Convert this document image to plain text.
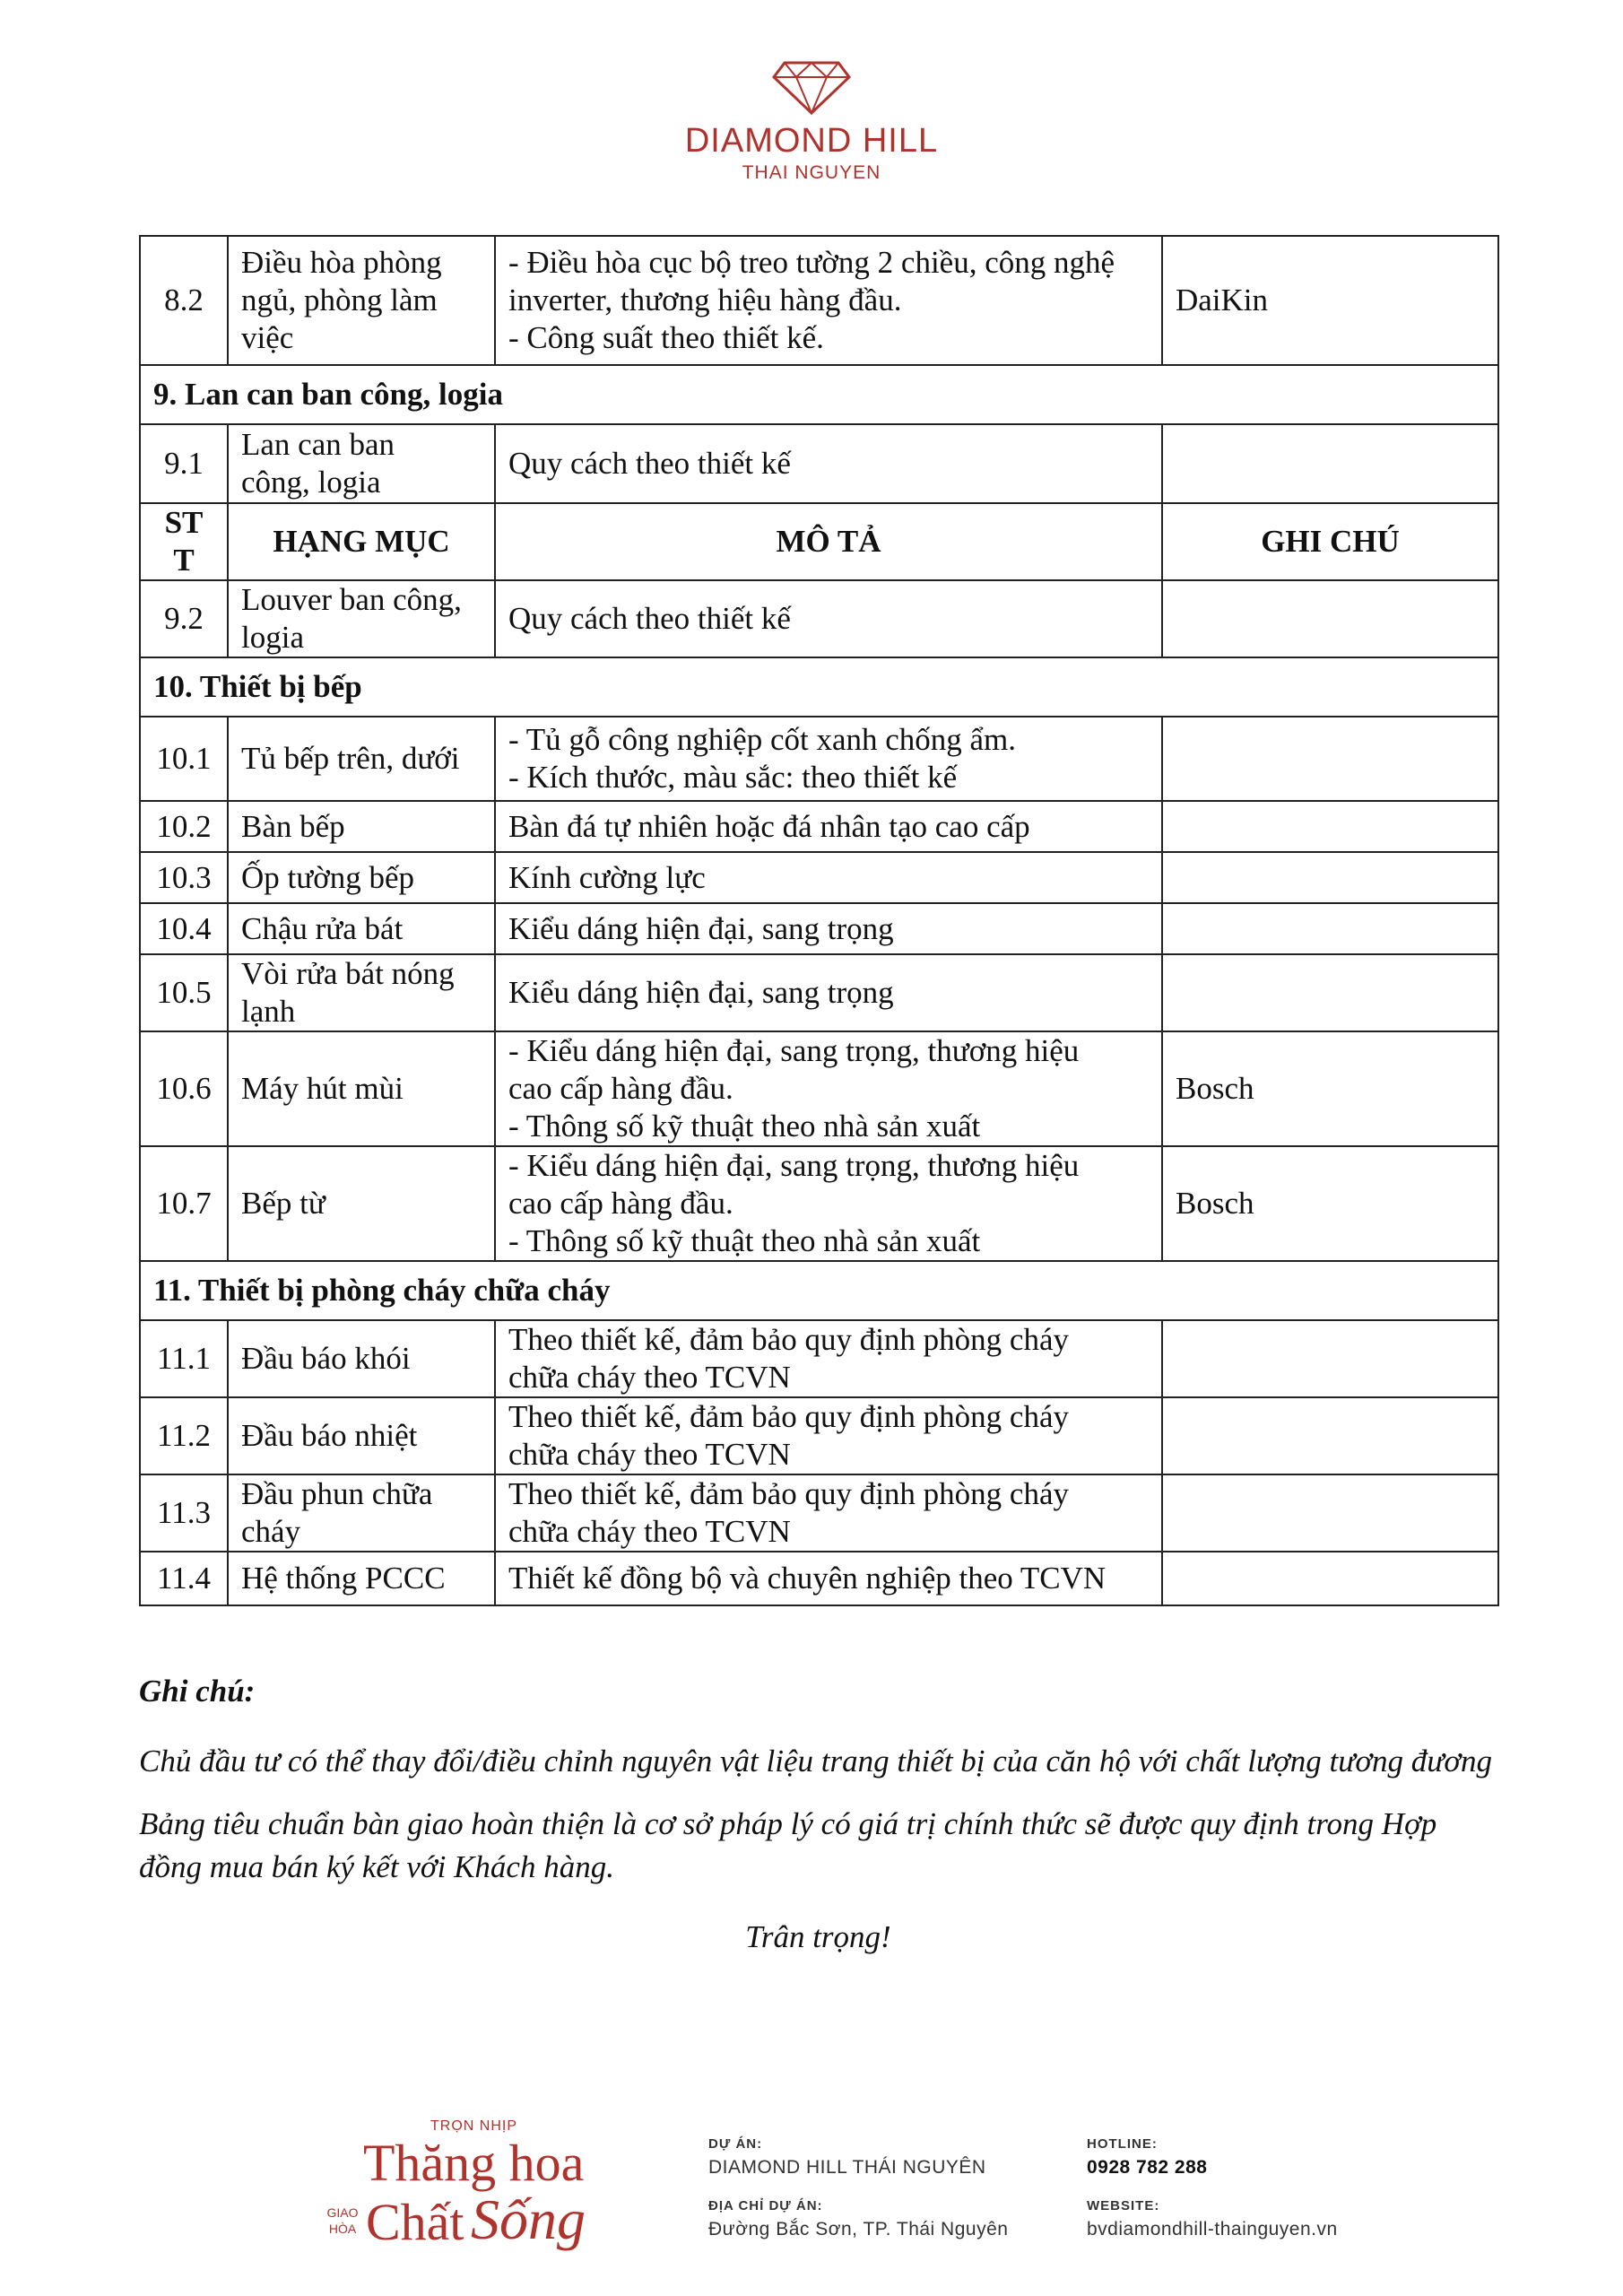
DIAMOND HILL
THAI NGUYEN
8.2	Điều hòa phòng
ngủ, phòng làm
việc	- Điều hòa cục bộ treo tường 2 chiều, công nghệ
inverter, thương hiệu hàng đầu.
- Công suất theo thiết kế.	DaiKin
9. Lan can ban công, logia			
9.1	Lan can ban
công, logia	Quy cách theo thiết kế	

ST
T	HẠNG MỤC	MÔ TẢ	GHI CHÚ
9.2	Louver ban công,
logia	Quy cách theo thiết kế	
10. Thiết bị bếp			
10.1	Tủ bếp trên, dưới	- Tủ gỗ công nghiệp cốt xanh chống ẩm.
- Kích thước, màu sắc: theo thiết kế	

10.2	Bàn bếp	Bàn đá tự nhiên hoặc đá nhân tạo cao cấp	
10.3	Ốp tường bếp	Kính cường lực	
10.4	Chậu rửa bát	Kiểu dáng hiện đại, sang trọng	
10.5	Vòi rửa bát nóng
lạnh	Kiểu dáng hiện đại, sang trọng	
10.6	Máy hút mùi	- Kiểu dáng hiện đại, sang trọng, thương hiệu
cao cấp hàng đầu.
- Thông số kỹ thuật theo nhà sản xuất	Bosch
10.7	Bếp từ	- Kiểu dáng hiện đại, sang trọng, thương hiệu
cao cấp hàng đầu.
- Thông số kỹ thuật theo nhà sản xuất	Bosch
11. Thiết bị phòng cháy chữa cháy			
11.1	Đầu báo khói	Theo thiết kế, đảm bảo quy định phòng cháy
chữa cháy theo TCVN	

11.2	Đầu báo nhiệt	Theo thiết kế, đảm bảo quy định phòng cháy
chữa cháy theo TCVN	

11.3	Đầu phun chữa
cháy	Theo thiết kế, đảm bảo quy định phòng cháy
chữa cháy theo TCVN	

11.4	Hệ thống PCCC	Thiết kế đồng bộ và chuyên nghiệp theo TCVN	
Ghi chú:

Chủ đầu tư có thể thay đổi/điều chỉnh nguyên vật liệu trang thiết bị của căn hộ với chất lượng tương đương

Bảng tiêu chuẩn bàn giao hoàn thiện là cơ sở pháp lý có giá trị chính thức sẽ được quy định trong Hợp đồng mua bán ký kết với Khách hàng.

Trân trọng!
TRỌN NHỊP
Thăng hoa
GIAO HÒA Chất Sống
DỰ ÁN:
DIAMOND HILL THÁI NGUYÊN
ĐỊA CHỈ DỰ ÁN:
Đường Bắc Sơn, TP. Thái Nguyên
HOTLINE:
0928 782 288
WEBSITE:
bvdiamondhill-thainguyen.vn
